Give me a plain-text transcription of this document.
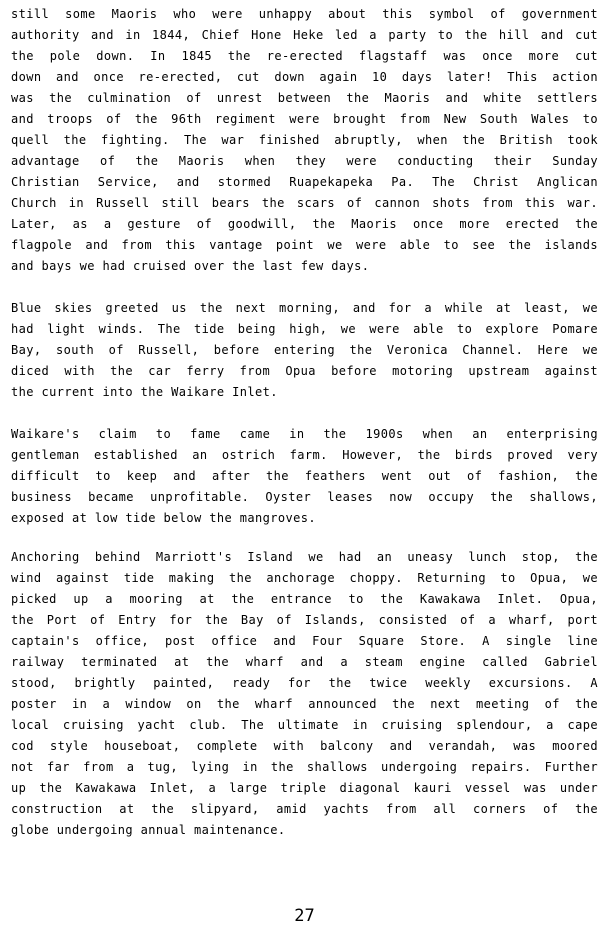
still some Maoris who were unhappy about this symbol of government
authority and in 1844, Chief Hone Heke led a party to the hill and cut
the pole down. In 1845 the re-erected flagstaff was once more cut
down and once re-erected, cut down again 10 days later! This action
was the culmination of unrest between the Maoris and white settlers
and troops of the 96th regiment were brought from New South Wales to
quell the fighting. The war finished abruptly, when the British took
advantage of the Maoris when they were conducting their Sunday
Christian Service, and stormed Ruapekapeka Pa. The Christ Anglican
Church in Russell still bears the scars of cannon shots from this war.
Later, as a gesture of goodwill, the Maoris once more erected the
flagpole and from this vantage point we were able to see the islands
and bays we had cruised over the last few days.
Blue skies greeted us the next morning, and for a while at least, we
had light winds. The tide being high, we were able to explore Pomare
Bay, south of Russell, before entering the Veronica Channel. Here we
diced with the car ferry from Opua before motoring upstream against
the current into the Waikare Inlet.
Waikare's claim to fame came in the 1900s when an enterprising
gentleman established an ostrich farm. However, the birds proved very
difficult to keep and after the feathers went out of fashion, the
business became unprofitable. Oyster leases now occupy the shallows,
exposed at low tide below the mangroves.
Anchoring behind Marriott's Island we had an uneasy lunch stop, the
wind against tide making the anchorage choppy. Returning to Opua, we
picked up a mooring at the entrance to the Kawakawa Inlet. Opua,
the Port of Entry for the Bay of Islands, consisted of a wharf, port
captain's office, post office and Four Square Store. A single line
railway terminated at the wharf and a steam engine called Gabriel
stood, brightly painted, ready for the twice weekly excursions. A
poster in a window on the wharf announced the next meeting of the
local cruising yacht club. The ultimate in cruising splendour, a cape
cod style houseboat, complete with balcony and verandah, was moored
not far from a tug, lying in the shallows undergoing repairs. Further
up the Kawakawa Inlet, a large triple diagonal kauri vessel was under
construction at the slipyard, amid yachts from all corners of the
globe undergoing annual maintenance.
27
